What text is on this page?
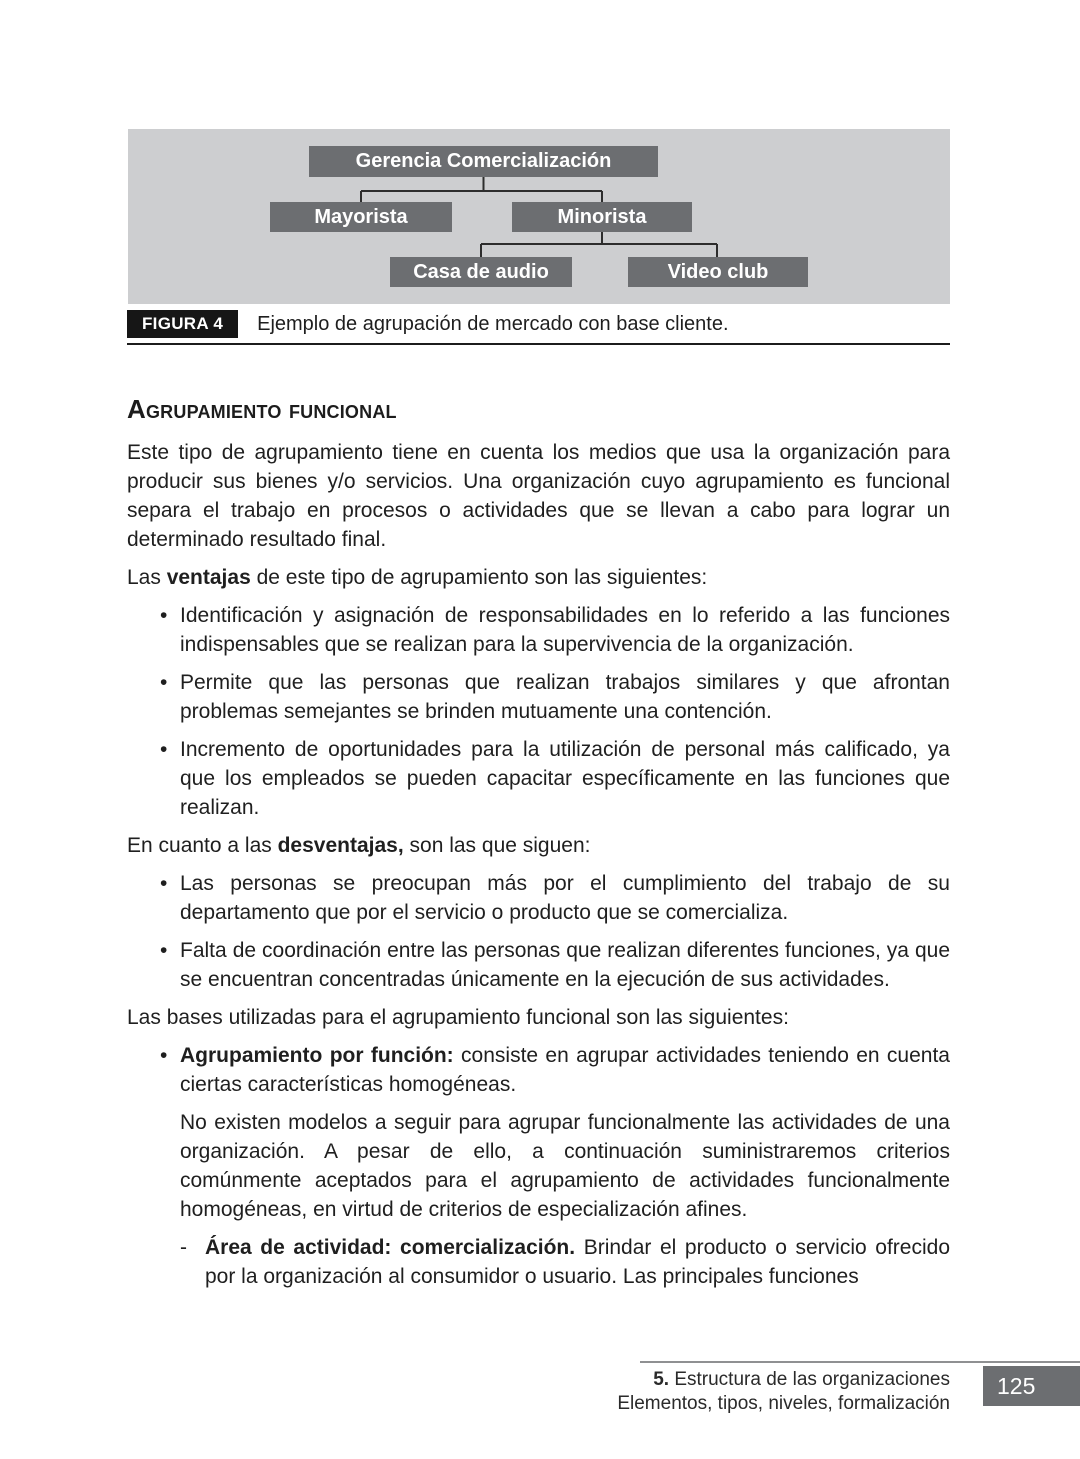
Gerencia Comercialización
Mayorista	Minorista
Casa de audio	Video club
FIGURA 4	Ejemplo de agrupación de mercado con base cliente.
Agrupamiento funcional

Este tipo de agrupamiento tiene en cuenta los medios que usa la organización para producir sus bienes y/o servicios. Una organización cuyo agrupamiento es funcional separa el trabajo en procesos o actividades que se llevan a cabo para lograr un determinado resultado final.

Las ventajas de este tipo de agrupamiento son las siguientes:

• Identificación y asignación de responsabilidades en lo referido a las funciones indispensables que se realizan para la supervivencia de la organización.
• Permite que las personas que realizan trabajos similares y que afrontan problemas semejantes se brinden mutuamente una contención.
• Incremento de oportunidades para la utilización de personal más calificado, ya que los empleados se pueden capacitar específicamente en las funciones que realizan.

En cuanto a las desventajas, son las que siguen:

• Las personas se preocupan más por el cumplimiento del trabajo de su departamento que por el servicio o producto que se comercializa.
• Falta de coordinación entre las personas que realizan diferentes funciones, ya que se encuentran concentradas únicamente en la ejecución de sus actividades.

Las bases utilizadas para el agrupamiento funcional son las siguientes:

• Agrupamiento por función: consiste en agrupar actividades teniendo en cuenta ciertas características homogéneas.

No existen modelos a seguir para agrupar funcionalmente las actividades de una organización. A pesar de ello, a continuación suministraremos criterios comúnmente aceptados para el agrupamiento de actividades funcionalmente homogéneas, en virtud de criterios de especialización afines.

- Área de actividad: comercialización. Brindar el producto o servicio ofrecido por la organización al consumidor o usuario. Las principales funciones

5. Estructura de las organizaciones
Elementos, tipos, niveles, formalización
125
